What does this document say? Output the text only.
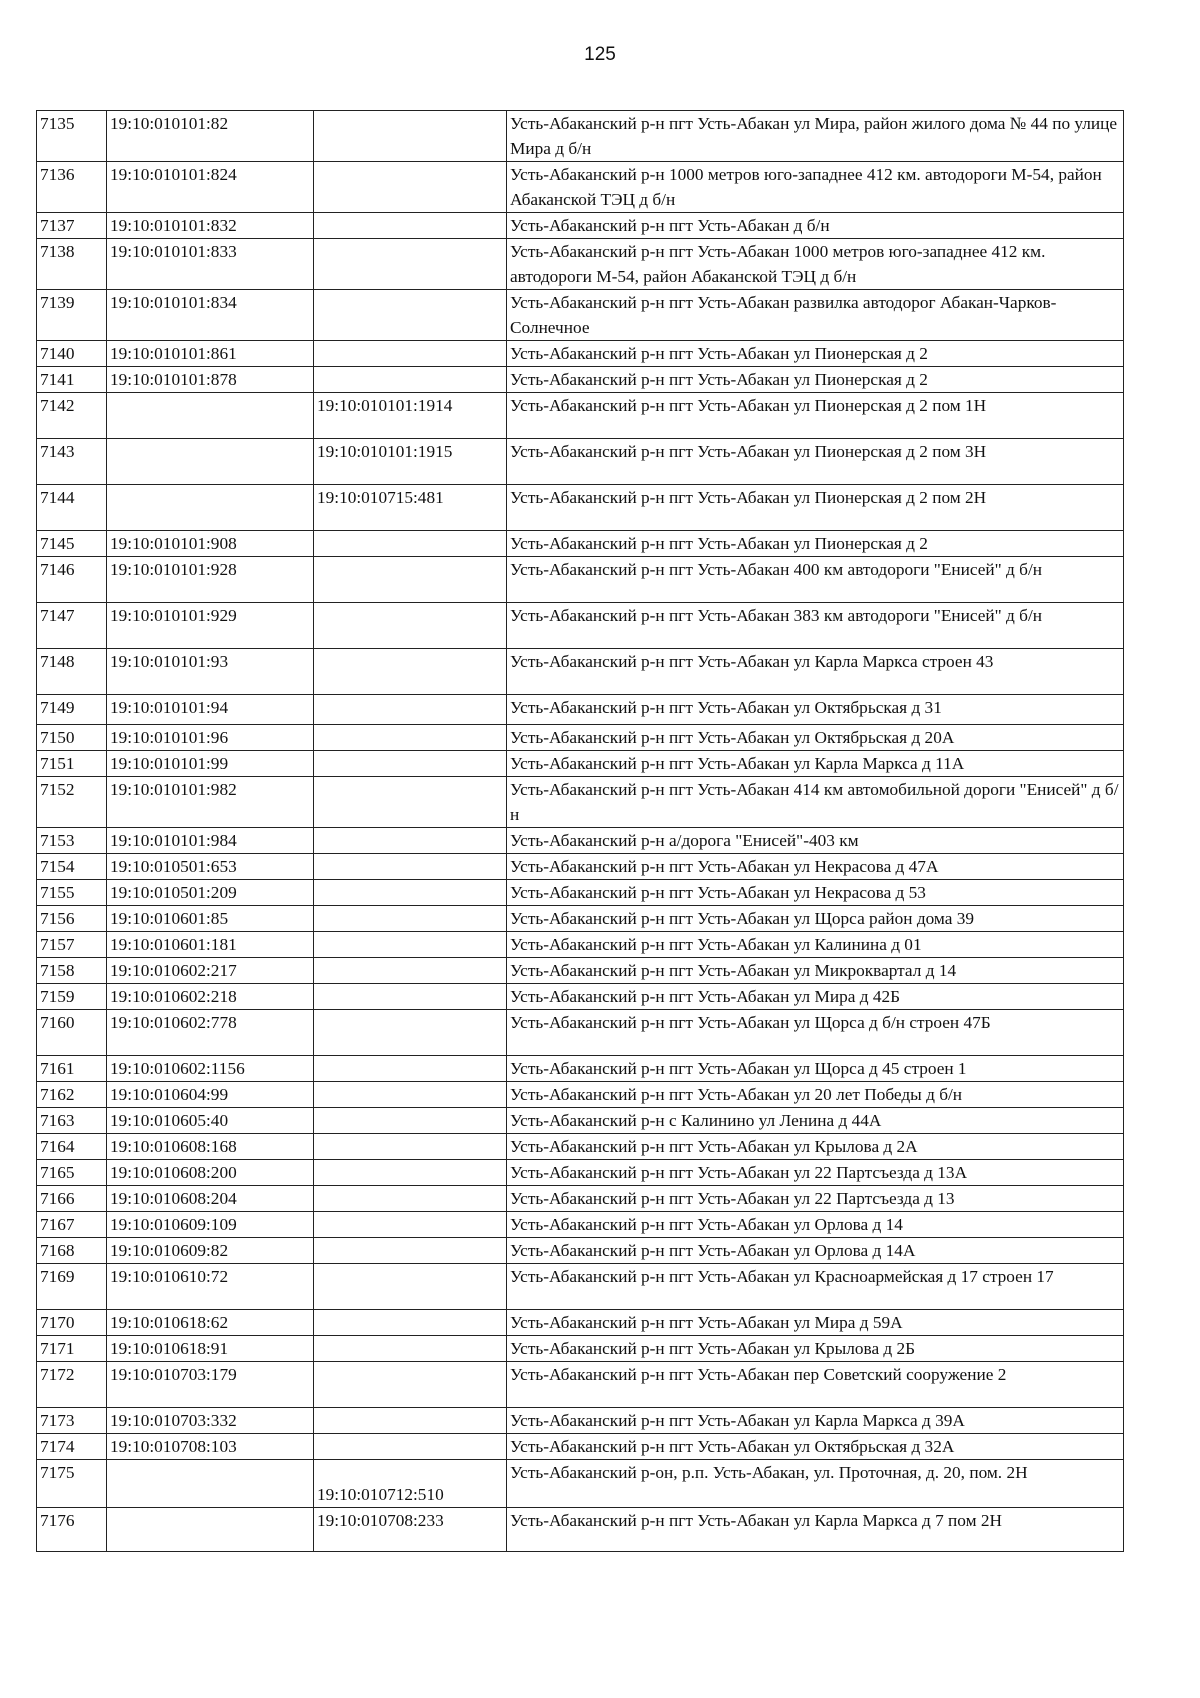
125
7135	19:10:010101:82		Усть-Абаканский р-н пгт Усть-Абакан ул Мира, район жилого дома № 44 по улице Мира д б/н
7136	19:10:010101:824		Усть-Абаканский р-н 1000 метров юго-западнее 412 км. автодороги М-54, район Абаканской ТЭЦ д б/н
7137	19:10:010101:832		Усть-Абаканский р-н пгт Усть-Абакан д б/н
7138	19:10:010101:833		Усть-Абаканский р-н пгт Усть-Абакан 1000 метров юго-западнее 412 км. автодороги М-54, район Абаканской ТЭЦ д б/н
7139	19:10:010101:834		Усть-Абаканский р-н пгт Усть-Абакан развилка автодорог Абакан-Чарков-Солнечное
7140	19:10:010101:861		Усть-Абаканский р-н пгт Усть-Абакан ул Пионерская д 2
7141	19:10:010101:878		Усть-Абаканский р-н пгт Усть-Абакан ул Пионерская д 2
7142		19:10:010101:1914	Усть-Абаканский р-н пгт Усть-Абакан ул Пионерская д 2 пом 1Н
7143		19:10:010101:1915	Усть-Абаканский р-н пгт Усть-Абакан ул Пионерская д 2 пом 3Н
7144		19:10:010715:481	Усть-Абаканский р-н пгт Усть-Абакан ул Пионерская д 2 пом 2Н
7145	19:10:010101:908		Усть-Абаканский р-н пгт Усть-Абакан ул Пионерская д 2
7146	19:10:010101:928		Усть-Абаканский р-н пгт Усть-Абакан 400 км автодороги "Енисей" д б/н
7147	19:10:010101:929		Усть-Абаканский р-н пгт Усть-Абакан 383 км автодороги "Енисей" д б/н
7148	19:10:010101:93		Усть-Абаканский р-н пгт Усть-Абакан ул Карла Маркса строен 43
7149	19:10:010101:94		Усть-Абаканский р-н пгт Усть-Абакан ул Октябрьская д 31
7150	19:10:010101:96		Усть-Абаканский р-н пгт Усть-Абакан ул Октябрьская д 20А
7151	19:10:010101:99		Усть-Абаканский р-н пгт Усть-Абакан ул Карла Маркса д 11А
7152	19:10:010101:982		Усть-Абаканский р-н пгт Усть-Абакан 414 км автомобильной дороги "Енисей" д б/н
7153	19:10:010101:984		Усть-Абаканский р-н а/дорога "Енисей"-403 км
7154	19:10:010501:653		Усть-Абаканский р-н пгт Усть-Абакан ул Некрасова д 47А
7155	19:10:010501:209		Усть-Абаканский р-н пгт Усть-Абакан ул Некрасова д 53
7156	19:10:010601:85		Усть-Абаканский р-н пгт Усть-Абакан ул Щорса район дома 39
7157	19:10:010601:181		Усть-Абаканский р-н пгт Усть-Абакан ул Калинина д 01
7158	19:10:010602:217		Усть-Абаканский р-н пгт Усть-Абакан ул Микроквартал д 14
7159	19:10:010602:218		Усть-Абаканский р-н пгт Усть-Абакан ул Мира д 42Б
7160	19:10:010602:778		Усть-Абаканский р-н пгт Усть-Абакан ул Щорса д б/н строен 47Б
7161	19:10:010602:1156		Усть-Абаканский р-н пгт Усть-Абакан ул Щорса д 45 строен 1
7162	19:10:010604:99		Усть-Абаканский р-н пгт Усть-Абакан ул 20 лет Победы д б/н
7163	19:10:010605:40		Усть-Абаканский р-н с Калинино ул Ленина д 44А
7164	19:10:010608:168		Усть-Абаканский р-н пгт Усть-Абакан ул Крылова д 2А
7165	19:10:010608:200		Усть-Абаканский р-н пгт Усть-Абакан ул 22 Партсъезда д 13А
7166	19:10:010608:204		Усть-Абаканский р-н пгт Усть-Абакан ул 22 Партсъезда д 13
7167	19:10:010609:109		Усть-Абаканский р-н пгт Усть-Абакан ул Орлова д 14
7168	19:10:010609:82		Усть-Абаканский р-н пгт Усть-Абакан ул Орлова д 14А
7169	19:10:010610:72		Усть-Абаканский р-н пгт Усть-Абакан ул Красноармейская д 17 строен 17
7170	19:10:010618:62		Усть-Абаканский р-н пгт Усть-Абакан ул Мира д 59А
7171	19:10:010618:91		Усть-Абаканский р-н пгт Усть-Абакан ул Крылова д 2Б
7172	19:10:010703:179		Усть-Абаканский р-н пгт Усть-Абакан пер Советский сооружение 2
7173	19:10:010703:332		Усть-Абаканский р-н пгт Усть-Абакан ул Карла Маркса д 39А
7174	19:10:010708:103		Усть-Абаканский р-н пгт Усть-Абакан ул Октябрьская д 32А
7175		19:10:010712:510	Усть-Абаканский р-он, р.п. Усть-Абакан, ул. Проточная, д. 20, пом. 2Н
7176		19:10:010708:233	Усть-Абаканский р-н пгт Усть-Абакан ул Карла Маркса д 7 пом 2Н
